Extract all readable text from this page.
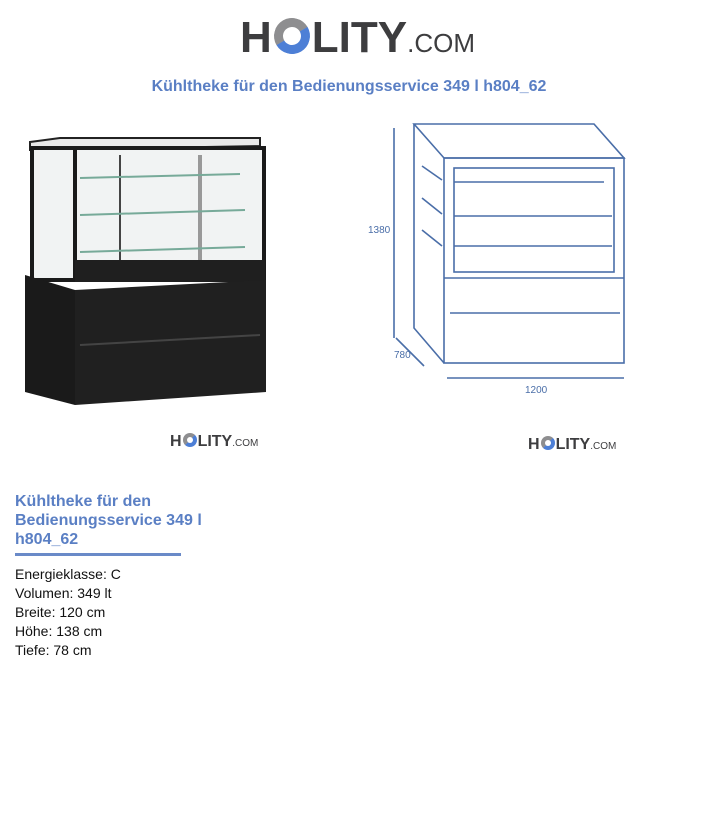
H LITY .COM
Kühltheke für den Bedienungsservice 349 l h804_62
1380
780
1200
H LITY .COM	H LITY .COM
Kühltheke für den Bedienungsservice 349 l h804_62
Energieklasse: C
Volumen: 349 lt
Breite: 120 cm
Höhe: 138 cm
Tiefe: 78 cm
